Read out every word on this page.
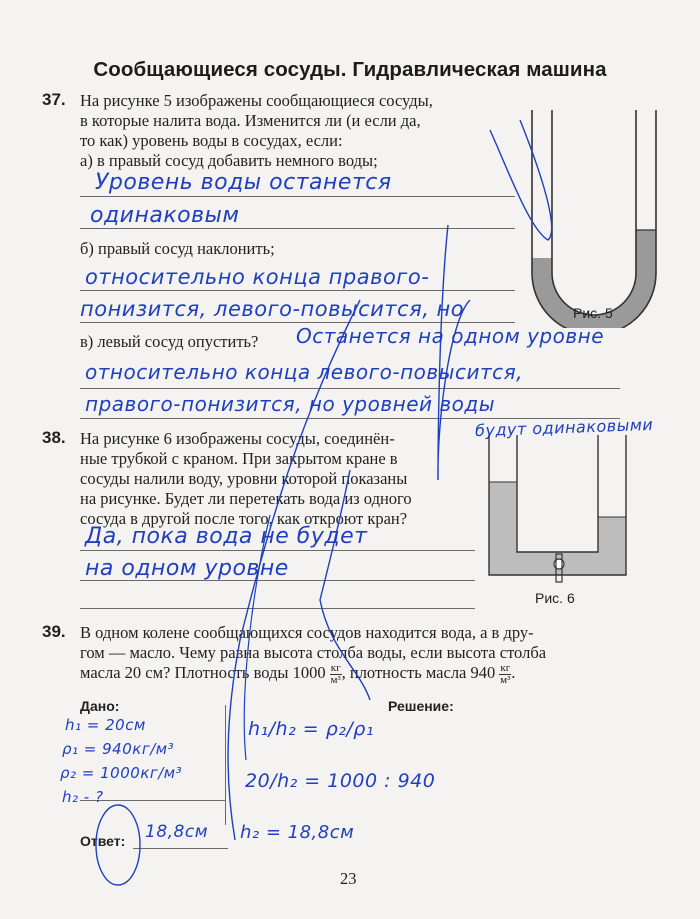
Сообщающиеся сосуды. Гидравлическая машина
37. На рисунке 5 изображены сообщающиеся сосуды,
в которые налита вода. Изменится ли (и если да,
то как) уровень воды в сосудах, если:
а) в правый сосуд добавить немного воды;
Уровень воды останется
одинаковым
б) правый сосуд наклонить;
относительно конца правого-
понизится, левого-повысится, но
в) левый сосуд опустить? Останется на одном уровне
относительно конца левого-повысится,
правого-понизится, но уровней воды
будут одинаковыми
Рис. 5
38. На рисунке 6 изображены сосуды, соединён-
ные трубкой с краном. При закрытом кране в
сосуды налили воду, уровни которой показаны
на рисунке. Будет ли перетекать вода из одного
сосуда в другой после того, как откроют кран?
Да, пока вода не будет
на одном уровне
Рис. 6
39. В одном колене сообщающихся сосудов находится вода, а в дру-
гом — масло. Чему равна высота столба воды, если высота столба
масла 20 см? Плотность воды $1000 \frac{кг}{\text{м³}}$ , плотность масла $940 \frac{кг}{\text{м³}}$ .
Дано:	Решение:
h₁ = 20см
ρ₁ = 940кг/м³
ρ₂ = 1000кг/м³
h₂ - ?
h₁/h₂ = ρ₂/ρ₁
20/h₂ = 1000 : 940
Ответ: 18,8см h₂ = 18,8см
23
